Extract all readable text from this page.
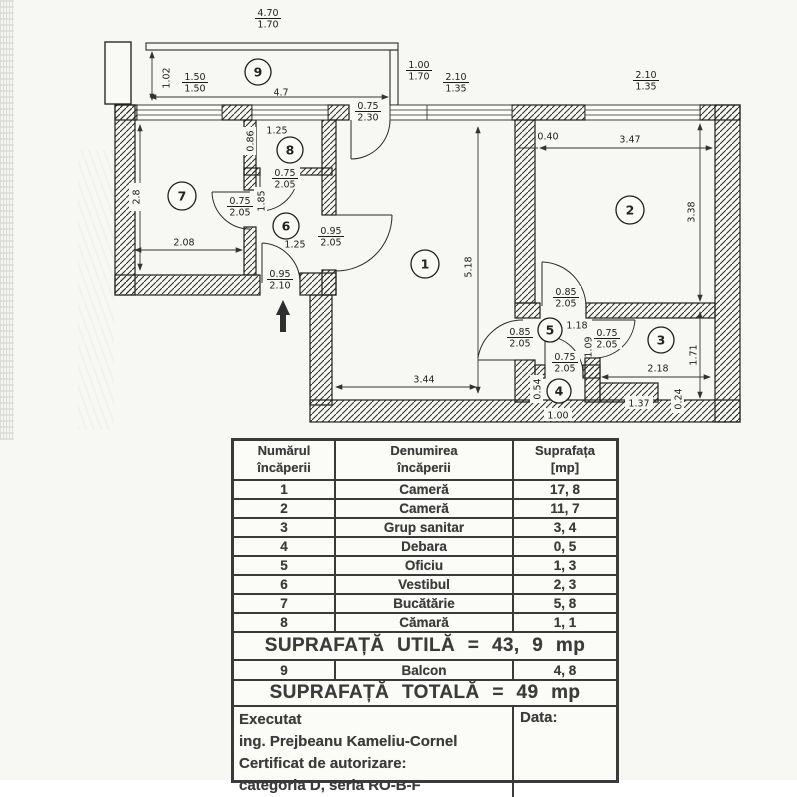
4.70
1.70
1.50
1.50
1.00
1.70 2.10
1.35
2.10
1.35
0.75
2.30
0.75
2.05
0.75
2.05
0.95
2.05
0.95
2.10
0.85
2.05
0.85
2.05
0.75
2.05
0.75
2.05
4.7
1.02
2.8
2.08
1.25
0.86
1.85
1.25
5.18
3.44
0.40	3.47
3.38
1.18
1.09
0.54
1.00
2.18
1.71
1.37	0.24
1
2
3
4
5
6
7
8
9
Numărul
încăperii
Denumirea
încăperii
Suprafața
[mp]
1	Cameră	17, 8
2	Cameră	11, 7
3	Grup sanitar	3, 4
4	Debara	0, 5
5	Oficiu	1, 3
6	Vestibul	2, 3
7	Bucătărie	5, 8
8	Cămară	1, 1
SUPRAFAȚĂ UTILĂ = 43, 9 mp
9	Balcon	4, 8
SUPRAFAȚĂ TOTALĂ = 49 mp
Executat
ing. Prejbeanu Kameliu-Cornel
Certificat de autorizare:
categoria D, seria RO-B-F
Data:
